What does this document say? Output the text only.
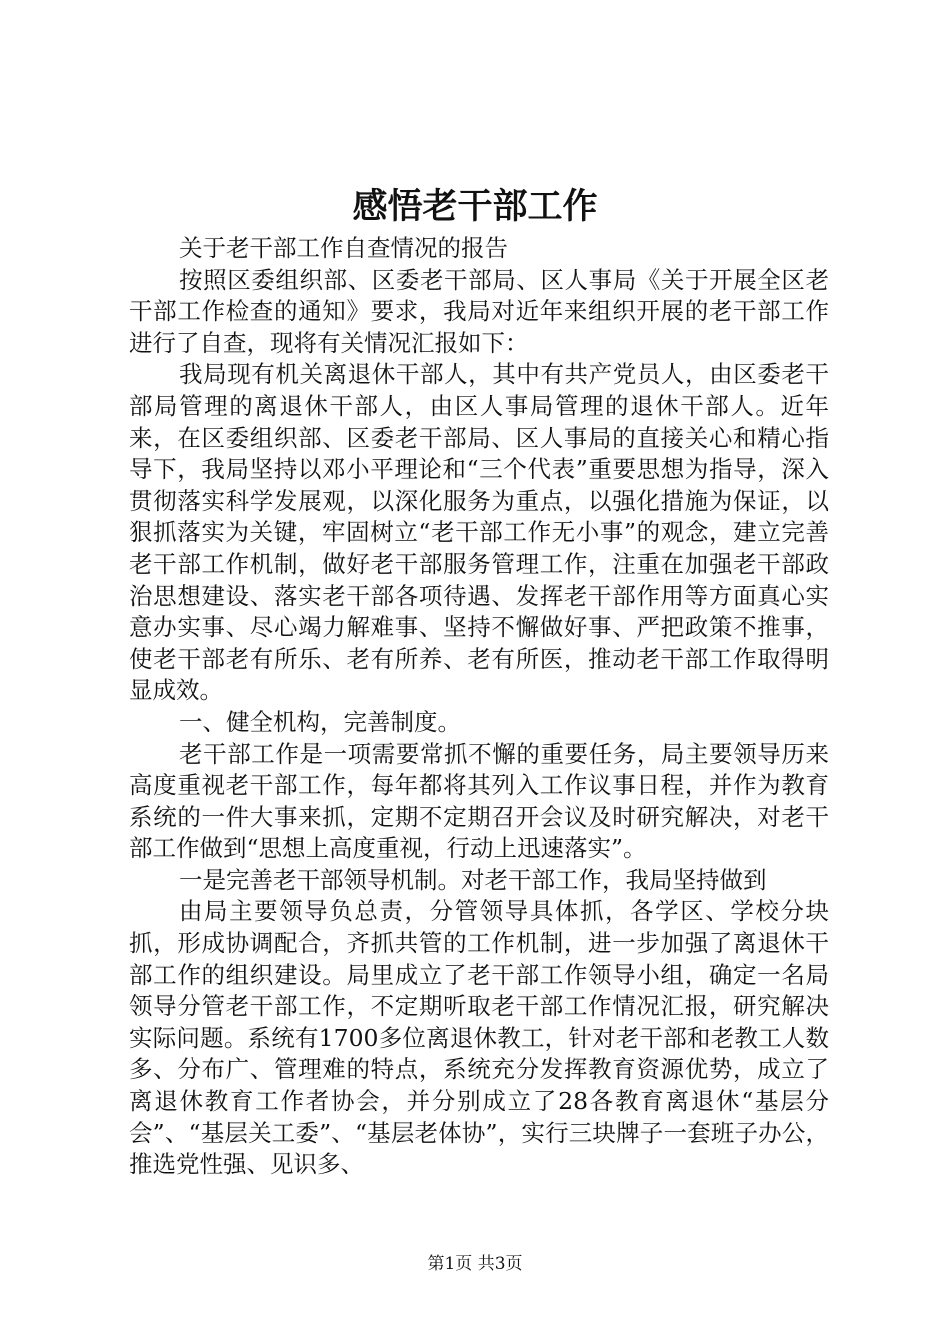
感悟老干部工作

关于老干部工作自查情况的报告

按照区委组织部、区委老干部局、区人事局《关于开展全区老干部工作检查的通知》要求，我局对近年来组织开展的老干部工作进行了自查，现将有关情况汇报如下：

我局现有机关离退休干部人，其中有共产党员人，由区委老干部局管理的离退休干部人，由区人事局管理的退休干部人。近年来，在区委组织部、区委老干部局、区人事局的直接关心和精心指导下，我局坚持以邓小平理论和“三个代表”重要思想为指导，深入贯彻落实科学发展观，以深化服务为重点，以强化措施为保证，以狠抓落实为关键，牢固树立“老干部工作无小事”的观念，建立完善老干部工作机制，做好老干部服务管理工作，注重在加强老干部政治思想建设、落实老干部各项待遇、发挥老干部作用等方面真心实意办实事、尽心竭力解难事、坚持不懈做好事、严把政策不推事，使老干部老有所乐、老有所养、老有所医，推动老干部工作取得明显成效。

一、健全机构，完善制度。

老干部工作是一项需要常抓不懈的重要任务，局主要领导历来高度重视老干部工作，每年都将其列入工作议事日程，并作为教育系统的一件大事来抓，定期不定期召开会议及时研究解决，对老干部工作做到“思想上高度重视，行动上迅速落实”。

一是完善老干部领导机制。对老干部工作，我局坚持做到

由局主要领导负总责，分管领导具体抓，各学区、学校分块抓，形成协调配合，齐抓共管的工作机制，进一步加强了离退休干部工作的组织建设。局里成立了老干部工作领导小组，确定一名局领导分管老干部工作，不定期听取老干部工作情况汇报，研究解决实际问题。系统有1700多位离退休教工，针对老干部和老教工人数多、分布广、管理难的特点，系统充分发挥教育资源优势，成立了离退休教育工作者协会，并分别成立了28各教育离退休“基层分会”、“基层关工委”、“基层老体协”，实行三块牌子一套班子办公，推选党性强、见识多、

第1页 共3页
